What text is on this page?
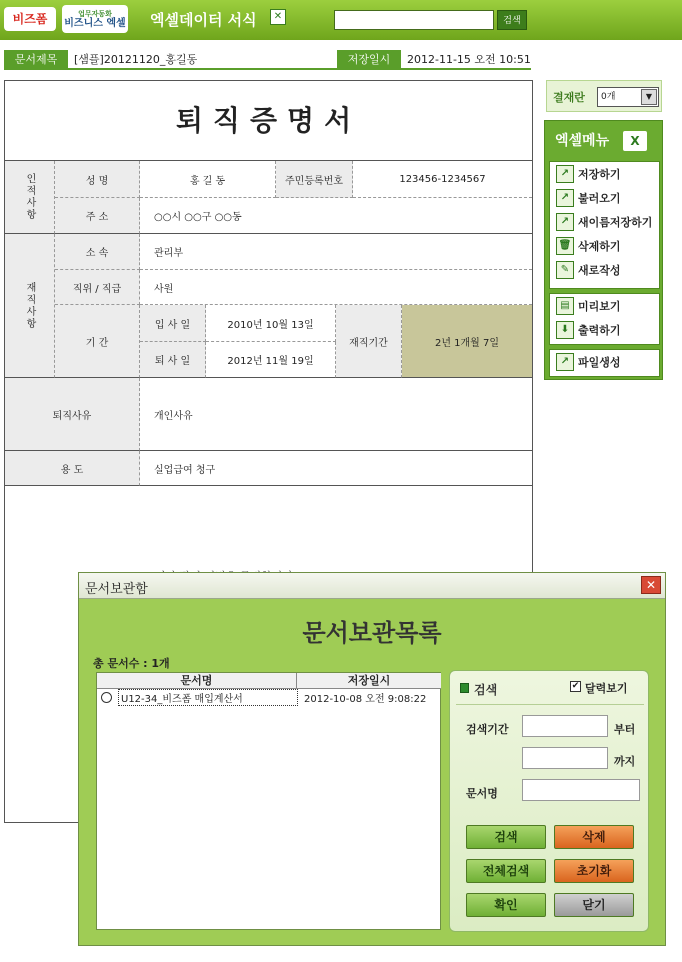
비즈폼	업무자동화
비즈니스 엑셀 엑셀데이터 서식	✕	검색
문서제목	[샘플]20121120_홍길동	저장일시	2012-11-15 오전 10:51
퇴직증명서
인적사항	성 명	홍 길 동	주민등록번호	123456-1234567
주 소	○○시 ○○구 ○○동
재직사항
소 속	관리부
직위 / 직급	사원
기 간
입 사 일	2010년 10월 13일
퇴 사 일	2012년 11월 19일
재직기간	2년 1개월 7일
퇴직사유	개인사유
용 도	실업급여 청구
결재란	0개	▼
엑셀메뉴	X
↗ 저장하기
↗ 불러오기
↗ 새이름저장하기
🗑 삭제하기
✎ 새로작성
▤ 미리보기
⬇ 출력하기
↗ 파일생성
문서보관함	✕
문서보관목록
총 문서수 : 1개
문서명	저장일시
U12-34_비즈폼 매입계산서	2012-10-08 오전 9:08:22
검색	✔ 달력보기
검색기간	부터
까지
문서명
검색	삭제
전체검색	초기화
확인	닫기
